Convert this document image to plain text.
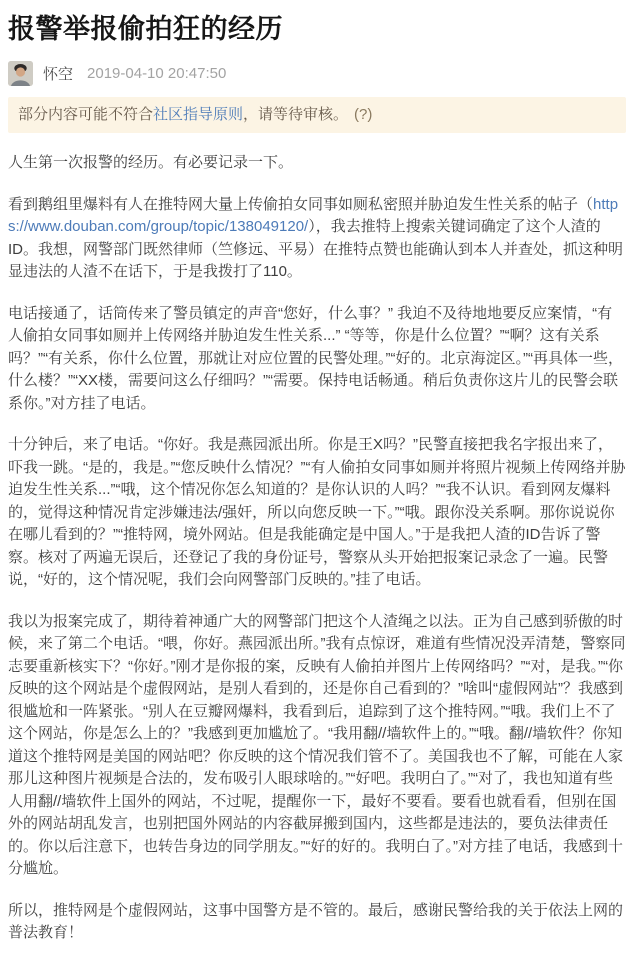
报警举报偷拍狂的经历
怀空 2019-04-10 20:47:50
部分内容可能不符合社区指导原则，请等待审核。 (?)

人生第一次报警的经历。有必要记录一下。

看到鹅组里爆料有人在推特网大量上传偷拍女同事如厕私密照并胁迫发生性关系的帖子（https://www.douban.com/group/topic/138049120/），我去推特上搜索关键词确定了这个人渣的ID。我想，网警部门既然律师（竺修远、平易）在推特点赞也能确认到本人并查处，抓这种明显违法的人渣不在话下，于是我拨打了110。

电话接通了，话筒传来了警员镇定的声音“您好，什么事？” 我迫不及待地地要反应案情，“有人偷拍女同事如厕并上传网络并胁迫发生性关系...” “等等，你是什么位置？”“啊？这有关系吗？”“有关系，你什么位置，那就让对应位置的民警处理。”“好的。北京海淀区。”“再具体一些，什么楼？”“XX楼，需要问这么仔细吗？”“需要。保持电话畅通。稍后负责你这片儿的民警会联系你。”对方挂了电话。

十分钟后，来了电话。“你好。我是燕园派出所。你是王X吗？”民警直接把我名字报出来了，吓我一跳。“是的，我是。”“您反映什么情况？”“有人偷拍女同事如厕并将照片视频上传网络并胁迫发生性关系...”“哦，这个情况你怎么知道的？是你认识的人吗？”“我不认识。看到网友爆料的，觉得这种情况肯定涉嫌违法/强奸，所以向您反映一下。”“哦。跟你没关系啊。那你说说你在哪儿看到的？”“推特网，境外网站。但是我能确定是中国人。”于是我把人渣的ID告诉了警察。核对了两遍无误后，还登记了我的身份证号，警察从头开始把报案记录念了一遍。民警说，“好的，这个情况呢，我们会向网警部门反映的。”挂了电话。

我以为报案完成了，期待着神通广大的网警部门把这个人渣绳之以法。正为自己感到骄傲的时候，来了第二个电话。“喂，你好。燕园派出所。”我有点惊讶，难道有些情况没弄清楚，警察同志要重新核实下？“你好。”刚才是你报的案，反映有人偷拍并图片上传网络吗？”“对，是我。”“你反映的这个网站是个虚假网站，是别人看到的，还是你自己看到的？”啥叫“虚假网站”？我感到很尴尬和一阵紧张。“别人在豆瓣网爆料，我看到后，追踪到了这个推特网。”“哦。我们上不了这个网站，你是怎么上的？”我感到更加尴尬了。“我用翻//墙软件上的。”“哦。翻//墙软件？你知道这个推特网是美国的网站吧？你反映的这个情况我们管不了。美国我也不了解，可能在人家那儿这种图片视频是合法的，发布吸引人眼球啥的。”“好吧。我明白了。”“对了，我也知道有些人用翻//墙软件上国外的网站，不过呢，提醒你一下，最好不要看。要看也就看看，但别在国外的网站胡乱发言，也别把国外网站的内容截屏搬到国内，这些都是违法的，要负法律责任的。你以后注意下，也转告身边的同学朋友。”“好的好的。我明白了。”对方挂了电话，我感到十分尴尬。

所以，推特网是个虚假网站，这事中国警方是不管的。最后，感谢民警给我的关于依法上网的普法教育！
